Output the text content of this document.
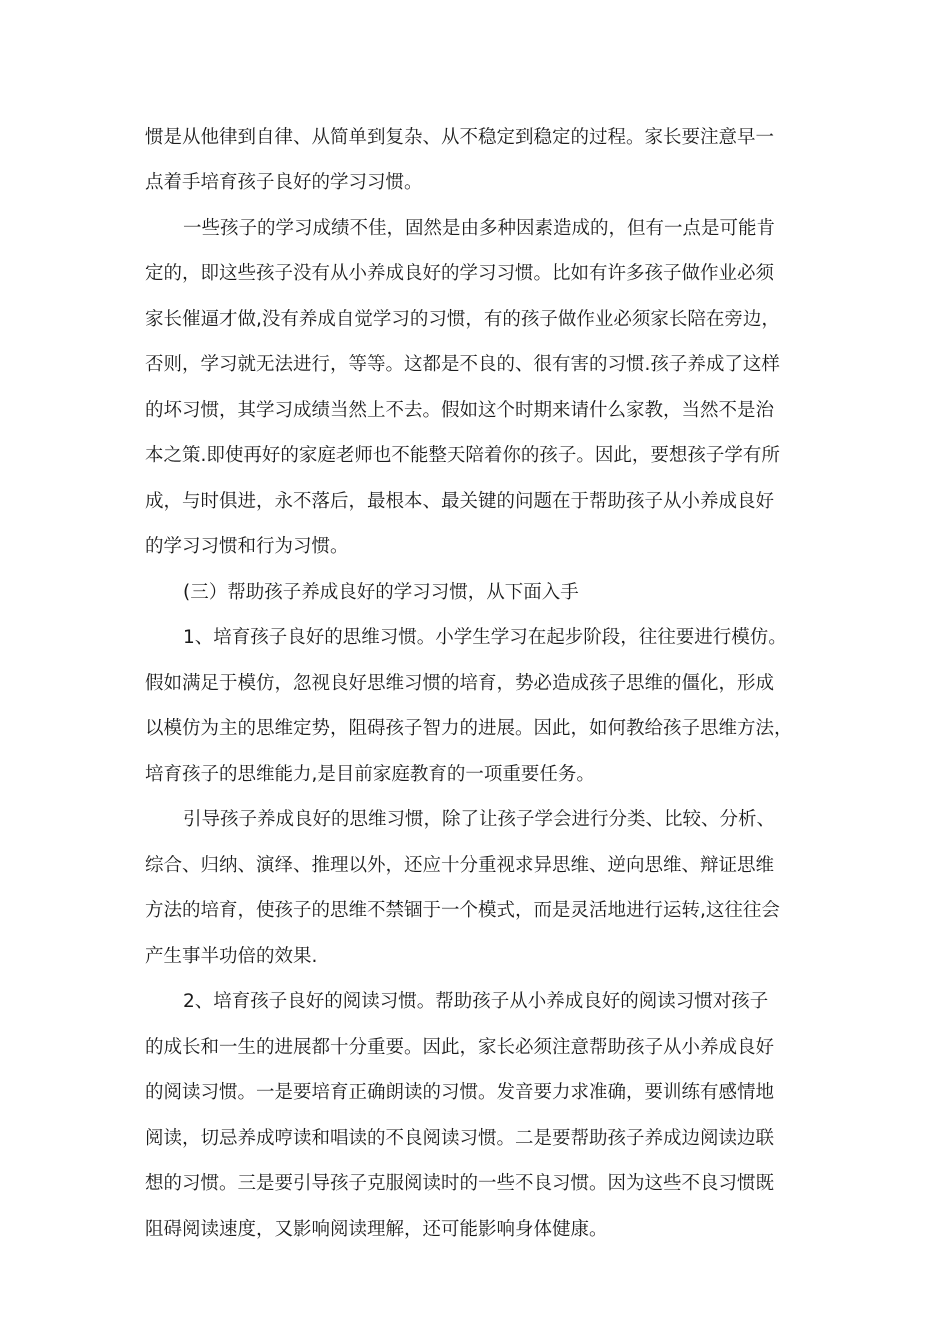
惯是从他律到自律、从简单到复杂、从不稳定到稳定的过程。家长要注意早一
点着手培育孩子良好的学习习惯。
一些孩子的学习成绩不佳，固然是由多种因素造成的，但有一点是可能肯
定的，即这些孩子没有从小养成良好的学习习惯。比如有许多孩子做作业必须
家长催逼才做,没有养成自觉学习的习惯，有的孩子做作业必须家长陪在旁边，
否则，学习就无法进行，等等。这都是不良的、很有害的习惯.孩子养成了这样
的坏习惯，其学习成绩当然上不去。假如这个时期来请什么家教，当然不是治
本之策.即使再好的家庭老师也不能整天陪着你的孩子。因此，要想孩子学有所
成，与时俱进，永不落后，最根本、最关键的问题在于帮助孩子从小养成良好
的学习习惯和行为习惯。
(三）帮助孩子养成良好的学习习惯，从下面入手
1、培育孩子良好的思维习惯。小学生学习在起步阶段，往往要进行模仿。
假如满足于模仿，忽视良好思维习惯的培育，势必造成孩子思维的僵化，形成
以模仿为主的思维定势，阻碍孩子智力的进展。因此，如何教给孩子思维方法，
培育孩子的思维能力,是目前家庭教育的一项重要任务。
引导孩子养成良好的思维习惯，除了让孩子学会进行分类、比较、分析、
综合、归纳、演绎、推理以外，还应十分重视求异思维、逆向思维、辩证思维
方法的培育，使孩子的思维不禁锢于一个模式，而是灵活地进行运转,这往往会
产生事半功倍的效果.
2、培育孩子良好的阅读习惯。帮助孩子从小养成良好的阅读习惯对孩子
的成长和一生的进展都十分重要。因此，家长必须注意帮助孩子从小养成良好
的阅读习惯。一是要培育正确朗读的习惯。发音要力求准确，要训练有感情地
阅读，切忌养成哼读和唱读的不良阅读习惯。二是要帮助孩子养成边阅读边联
想的习惯。三是要引导孩子克服阅读时的一些不良习惯。因为这些不良习惯既
阻碍阅读速度，又影响阅读理解，还可能影响身体健康。
